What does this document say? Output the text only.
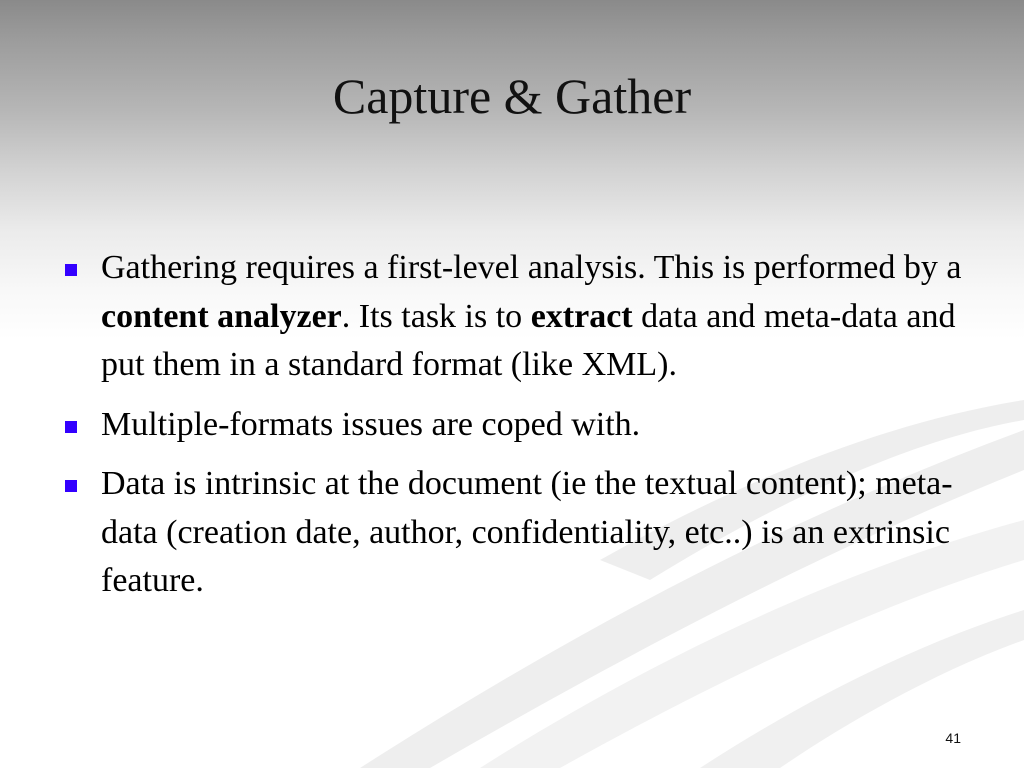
Capture & Gather
Gathering requires a first-level analysis. This is performed by a content analyzer. Its task is to extract data and meta-data and put them in a standard format (like XML).
Multiple-formats issues are coped with.
Data is intrinsic at the document (ie the textual content); meta-data (creation date, author, confidentiality, etc..) is an extrinsic feature.
41
